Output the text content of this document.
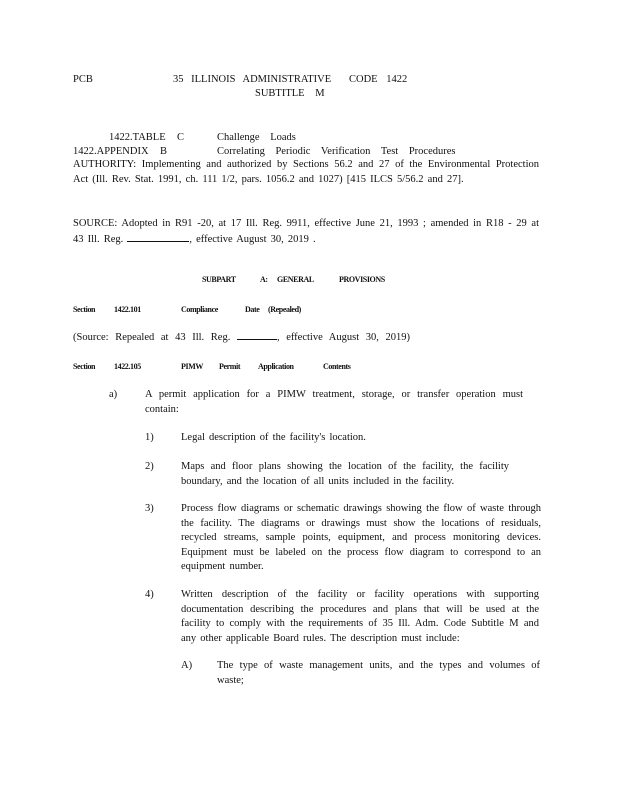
PCB	35 ILLINOIS ADMINISTRATIVE CODE 1422
SUBTITLE M
1422.TABLE C	Challenge Loads
1422.APPENDIX B	Correlating Periodic Verification Test Procedures
AUTHORITY: Implementing and authorized by Sections 56.2 and 27 of the Environmental Protection Act (Ill. Rev. Stat. 1991, ch. 111 1/2, pars. 1056.2 and 1027) [415 ILCS 5/56.2 and 27].
SOURCE: Adopted in R91 -20, at 17 Ill. Reg. 9911, effective June 21, 1993 ; amended in R18 - 29 at 43 Ill. Reg.	, effective August 30, 2019 .
SUBPART	A: GENERAL	PROVISIONS
Section 1422.101	Compliance	Date (Repealed)
(Source: Repealed at 43 Ill. Reg.	, effective August 30, 2019)
Section 1422.105	PIMW Permit Application	Contents
a)	A permit application for a PIMW treatment, storage, or transfer operation must contain:
1)	Legal description of the facility's location.
2)	Maps and floor plans showing the location of the facility, the facility boundary, and the location of all units included in the facility.
3)	Process flow diagrams or schematic drawings showing the flow of waste through the facility. The diagrams or drawings must show the locations of residuals, recycled streams, sample points, equipment, and process monitoring devices. Equipment must be labeled on the process flow diagram to correspond to an equipment number.
4)	Written description of the facility or facility operations with supporting documentation describing the procedures and plans that will be used at the facility to comply with the requirements of 35 Ill. Adm. Code Subtitle M and any other applicable Board rules. The description must include:
A) The type of waste management units, and the types and volumes of waste;
